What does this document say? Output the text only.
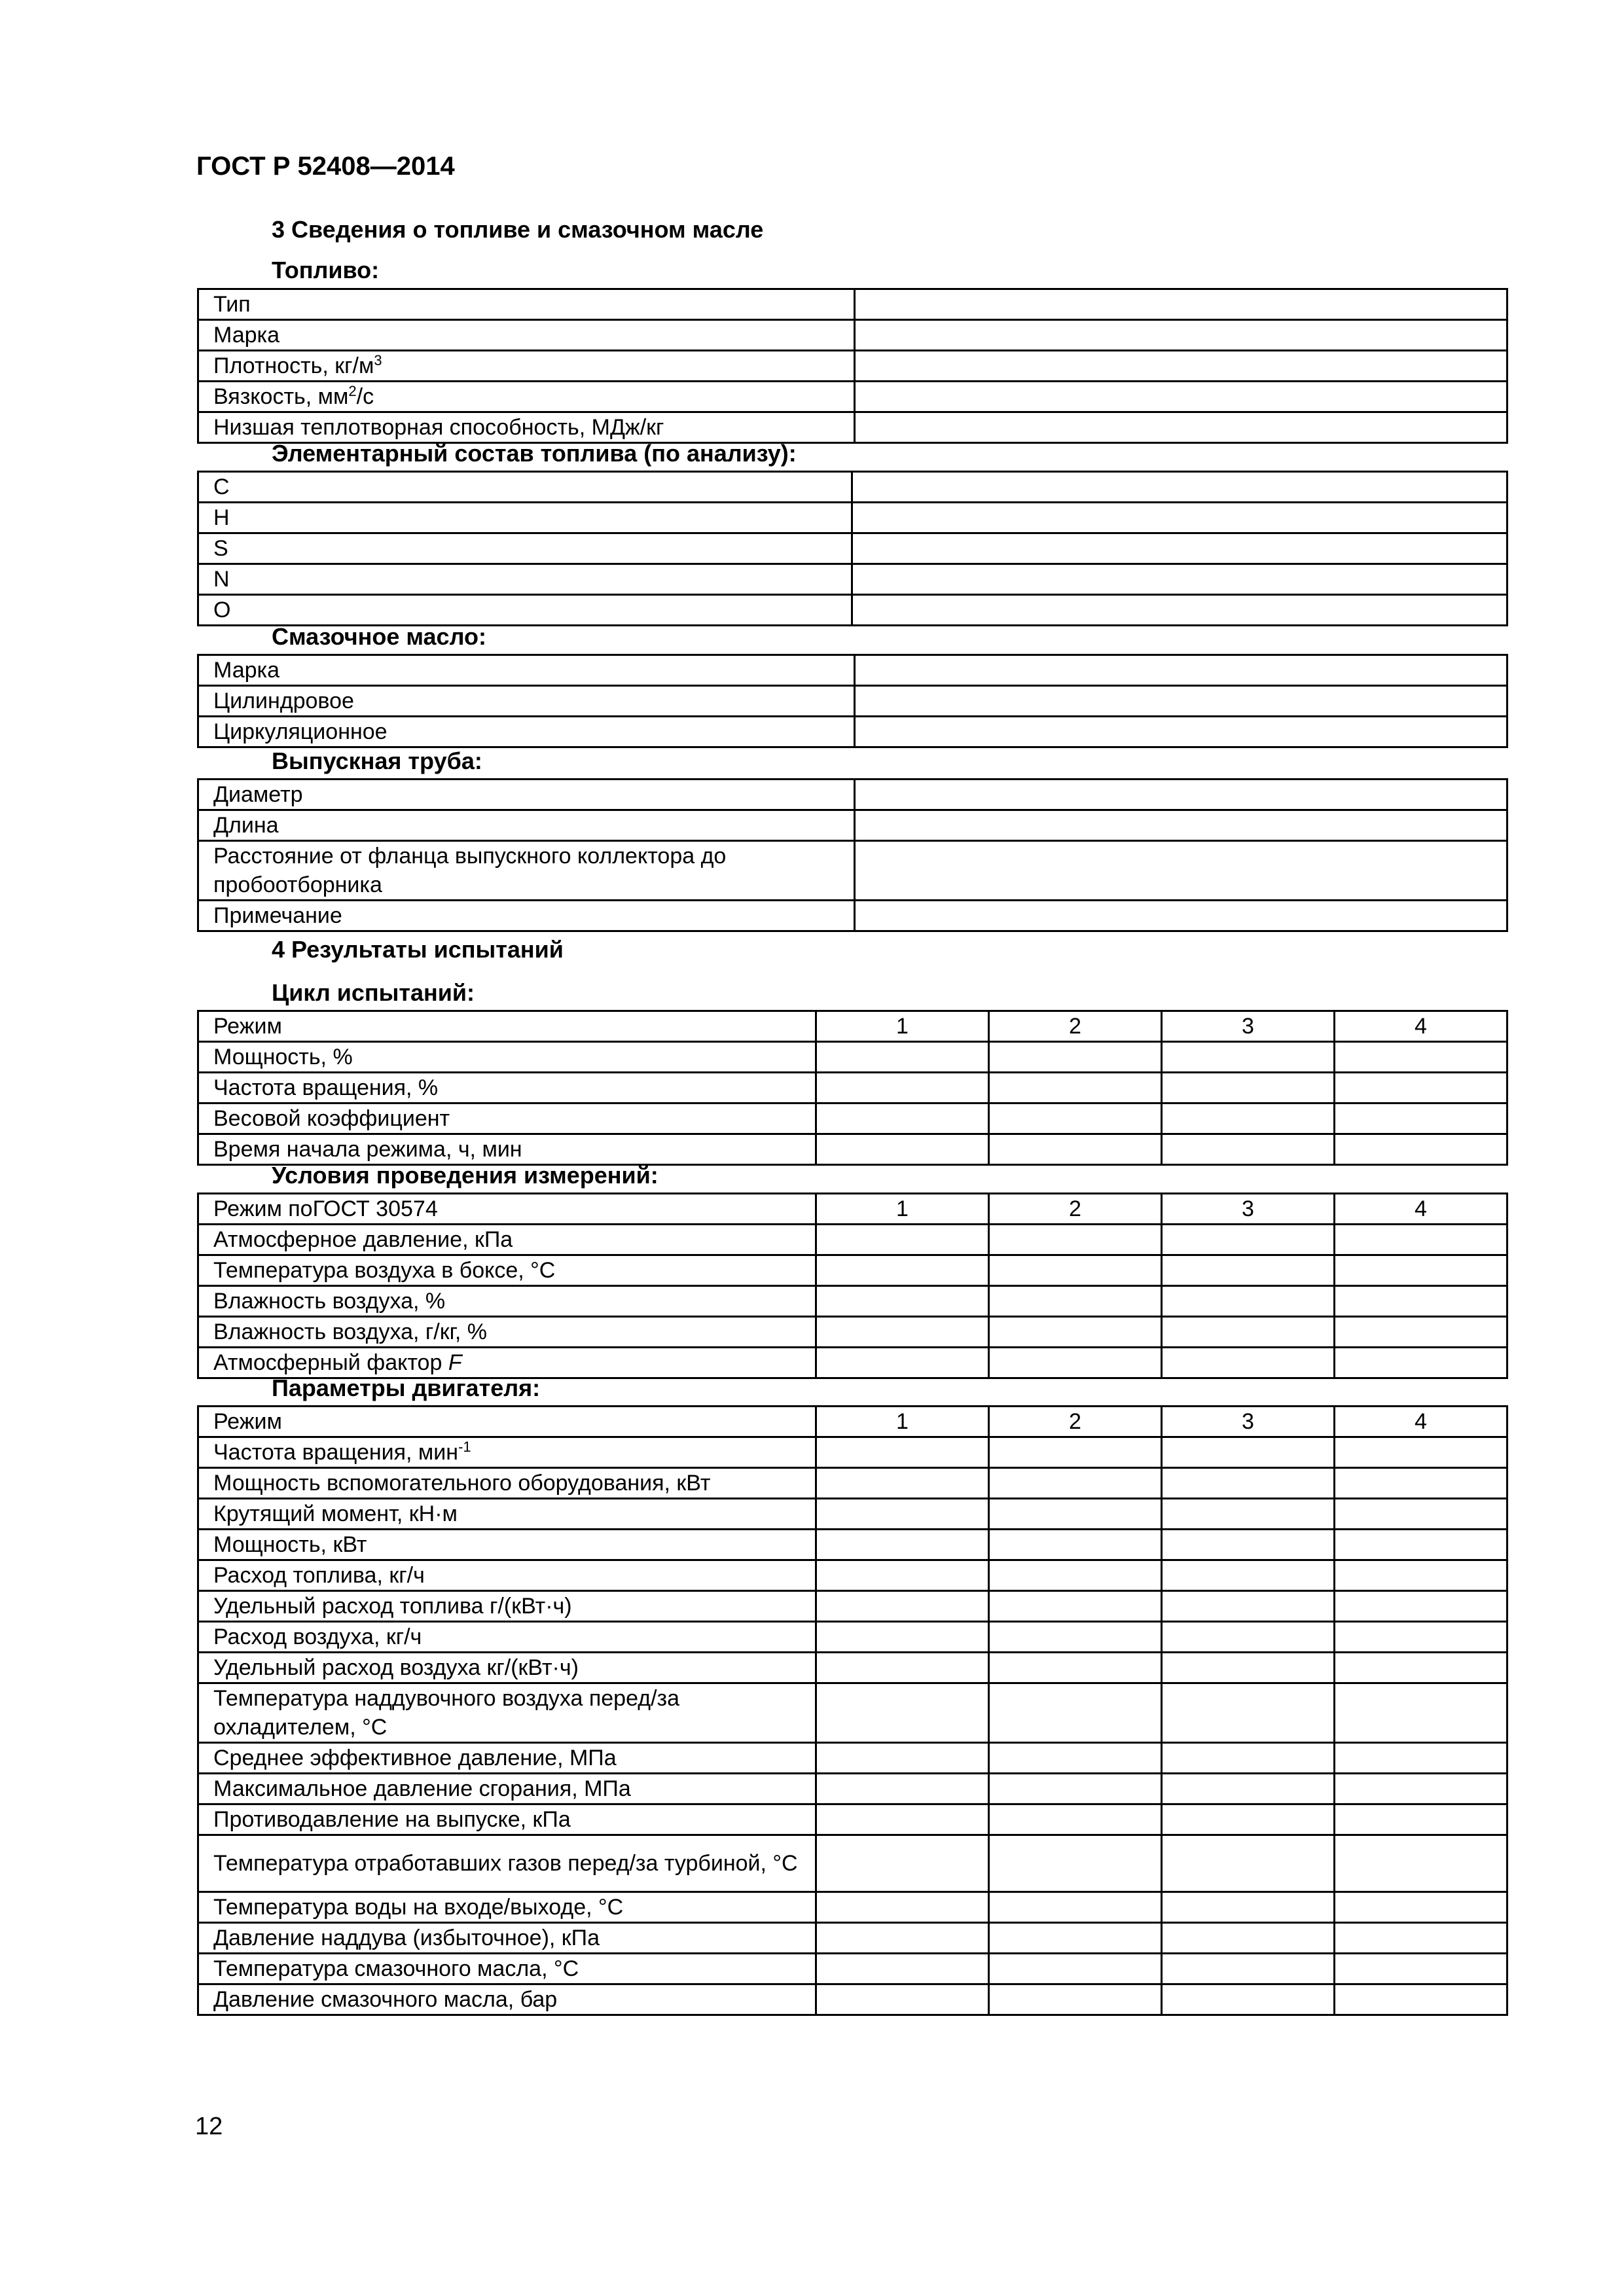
ГОСТ Р 52408—2014
3 Сведения о топливе и смазочном масле
Топливо:
Тип	
Марка	
Плотность, $кг/м^3$	
Вязкость, $мм^2/с$	
Низшая теплотворная способность, МДж/кг	
Элементарный состав топлива (по анализу):
C	
H	
S	
N	
O	
Смазочное масло:
Марка	
Цилиндровое	
Циркуляционное	
Выпускная труба:
Диаметр	
Длина	
Расстояние от фланца выпускного коллектора до пробоотборника	
Примечание	
4 Результаты испытаний
Цикл испытаний:
Режим	1	2	3	4
Мощность, %				
Частота вращения, %				
Весовой коэффициент				
Время начала режима, ч, мин				
Условия проведения измерений:
Режим поГОСТ 30574	1	2	3	4
Атмосферное давление, кПа				
Температура воздуха в боксе, °С				
Влажность воздуха, %				
Влажность воздуха, г/кг, %				
Атмосферный фактор F				
Параметры двигателя:
Режим	1	2	3	4
Частота вращения, мин$^{-1}$				
Мощность вспомогательного оборудования, кВт				
Крутящий момент, кН·м				
Мощность, кВт				
Расход топлива, кг/ч				
Удельный расход топлива г/(кВт·ч)				
Расход воздуха, кг/ч				
Удельный расход воздуха кг/(кВт·ч)				
Температура наддувочного воздуха перед/за охладителем, °С				
Среднее эффективное давление, МПа				
Максимальное давление сгорания, МПа				
Противодавление на выпуске, кПа				
Температура отработавших газов перед/за турбиной, °С				
Температура воды на входе/выходе, °С				
Давление наддува (избыточное), кПа				
Температура смазочного масла, °С				
Давление смазочного масла, бар				
12
